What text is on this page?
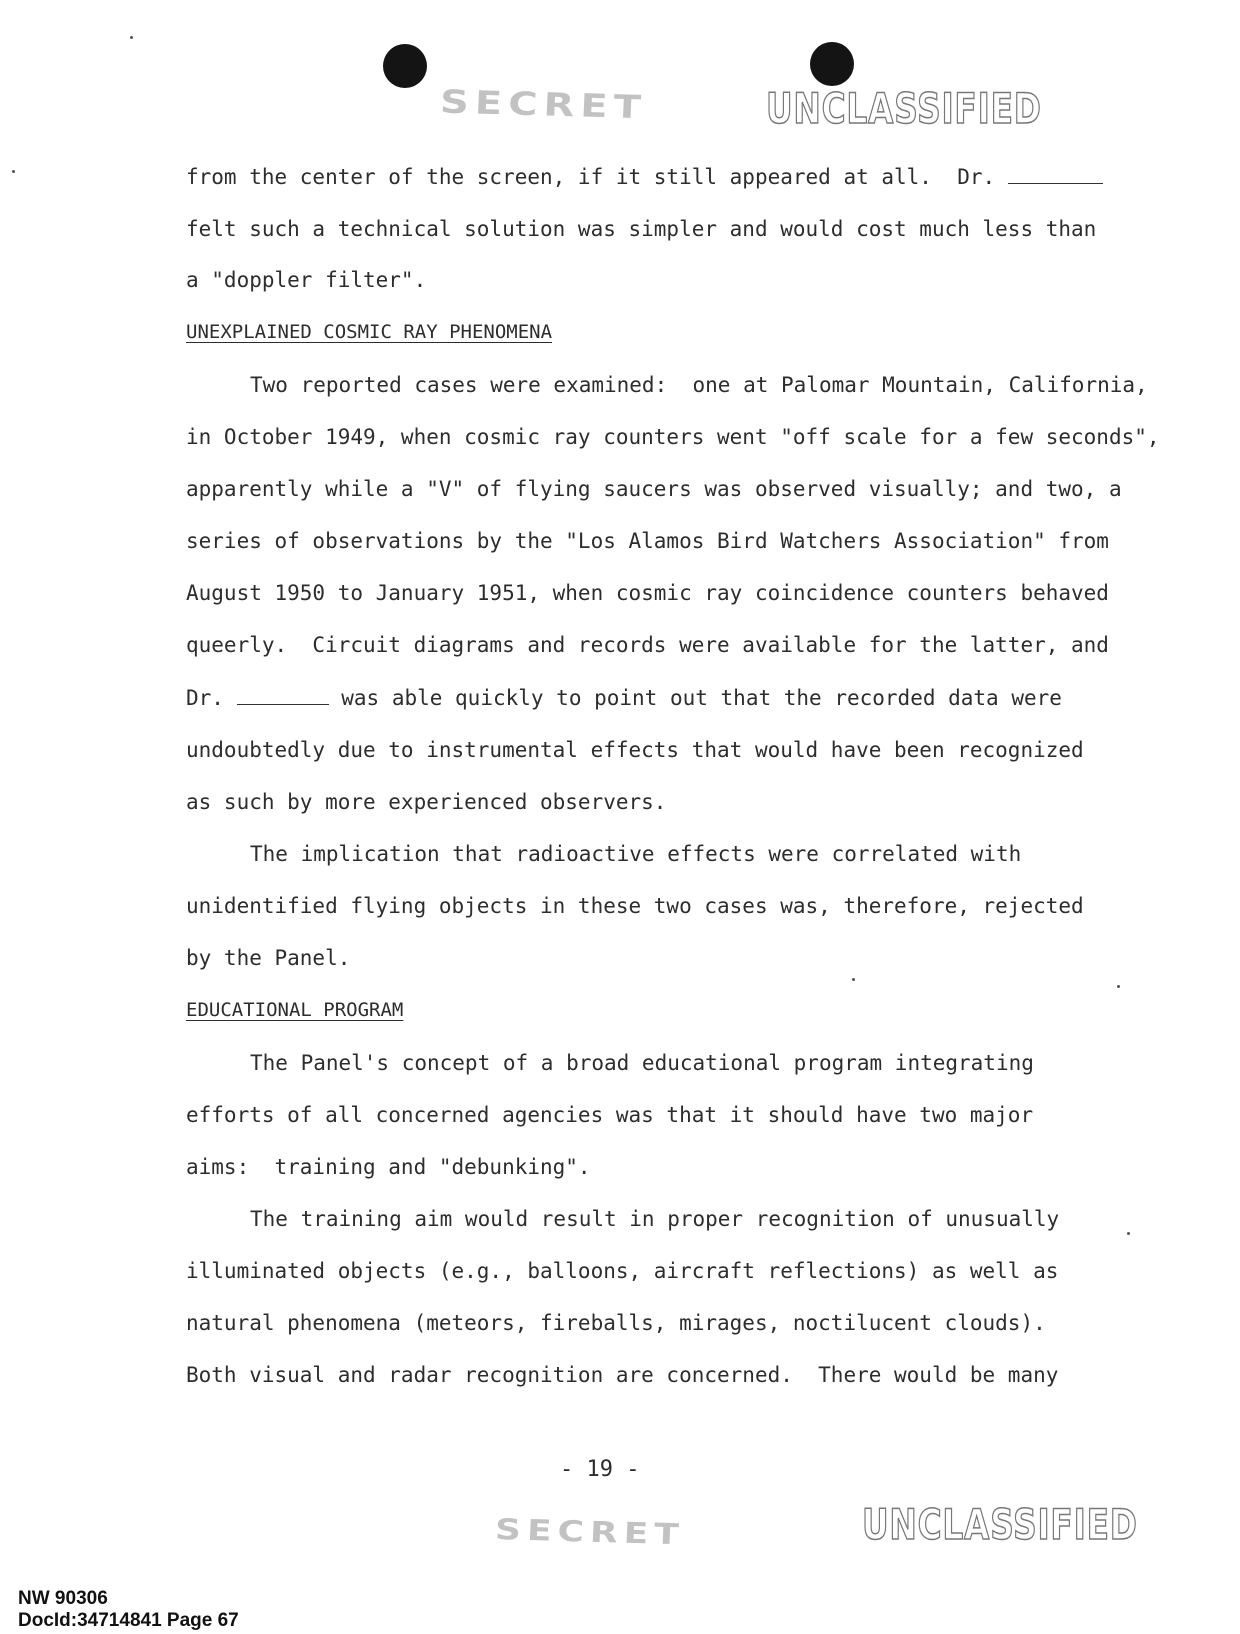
SECRET	UNCLASSIFIED
from the center of the screen, if it still appeared at all.  Dr.
felt such a technical solution was simpler and would cost much less than
a "doppler filter".
UNEXPLAINED COSMIC RAY PHENOMENA
Two reported cases were examined:  one at Palomar Mountain, California,
in October 1949, when cosmic ray counters went "off scale for a few seconds",
apparently while a "V" of flying saucers was observed visually; and two, a
series of observations by the "Los Alamos Bird Watchers Association" from
August 1950 to January 1951, when cosmic ray coincidence counters behaved
queerly.  Circuit diagrams and records were available for the latter, and
Dr.	was able quickly to point out that the recorded data were
undoubtedly due to instrumental effects that would have been recognized
as such by more experienced observers.
The implication that radioactive effects were correlated with
unidentified flying objects in these two cases was, therefore, rejected
by the Panel.
EDUCATIONAL PROGRAM
The Panel's concept of a broad educational program integrating
efforts of all concerned agencies was that it should have two major
aims:  training and "debunking".
The training aim would result in proper recognition of unusually
illuminated objects (e.g., balloons, aircraft reflections) as well as
natural phenomena (meteors, fireballs, mirages, noctilucent clouds).
Both visual and radar recognition are concerned.  There would be many
- 19 -
SECRET	UNCLASSIFIED
NW 90306
DocId:34714841 Page 67
